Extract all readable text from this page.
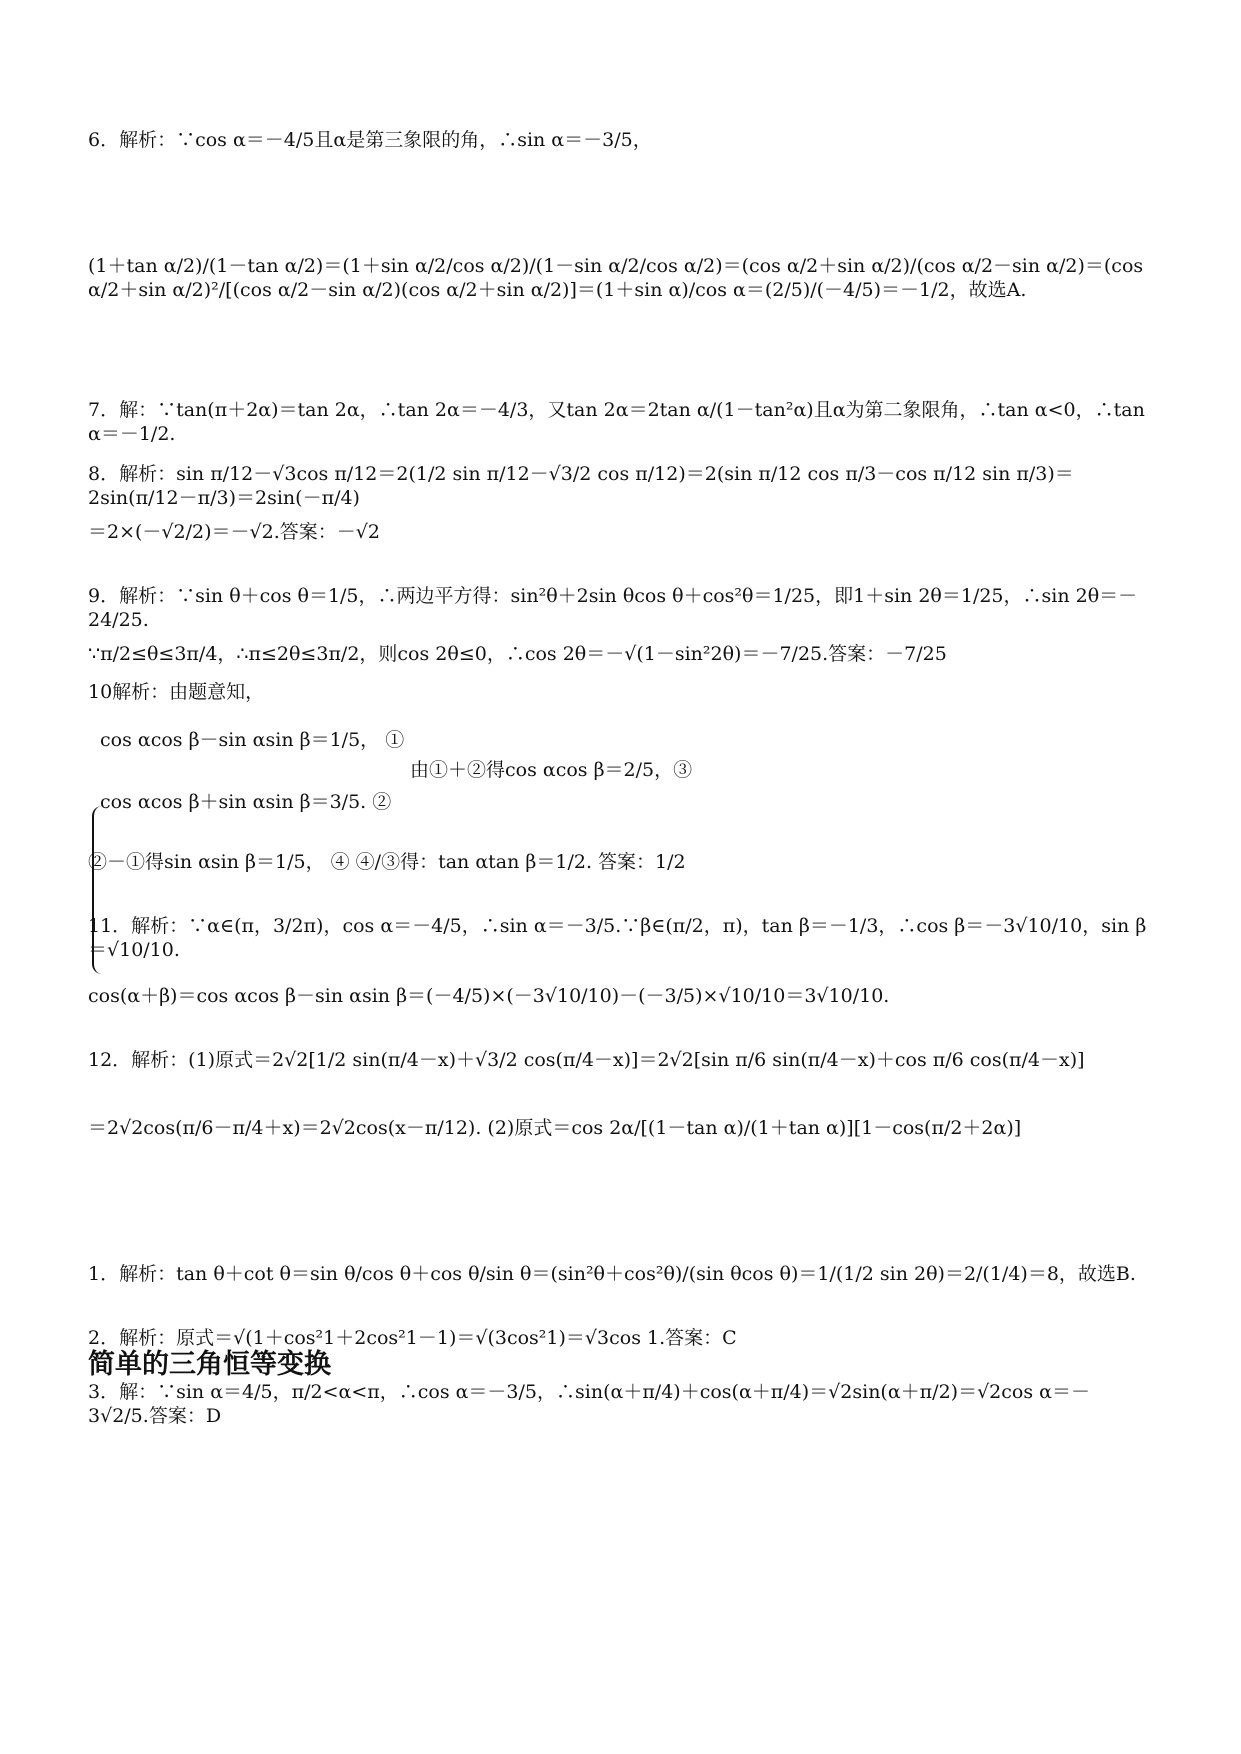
6．解析：∵cos α＝－4/5且α是第三象限的角，∴sin α＝－3/5，
(1＋tan α/2)/(1－tan α/2)＝(1＋sin α/2/cos α/2)/(1－sin α/2/cos α/2)＝(cos α/2＋sin α/2)/(cos α/2－sin α/2)＝(cos α/2＋sin α/2)²/[(cos α/2－sin α/2)(cos α/2＋sin α/2)]＝(1＋sin α)/cos α＝(2/5)/(－4/5)＝－1/2，故选A.
7．解：∵tan(π＋2α)＝tan 2α，∴tan 2α＝－4/3，又tan 2α＝2tan α/(1－tan²α)且α为第二象限角，∴tan α<0，∴tan α＝－1/2.
8．解析：sin π/12－√3cos π/12＝2(1/2 sin π/12－√3/2 cos π/12)＝2(sin π/12 cos π/3－cos π/12 sin π/3)＝2sin(π/12－π/3)＝2sin(－π/4)
＝2×(－√2/2)＝－√2.答案：－√2
9．解析：∵sin θ＋cos θ＝1/5，∴两边平方得：sin²θ＋2sin θcos θ＋cos²θ＝1/25，即1＋sin 2θ＝1/25，∴sin 2θ＝－24/25.
∵π/2≤θ≤3π/4，∴π≤2θ≤3π/2，则cos 2θ≤0，∴cos 2θ＝－√(1－sin²2θ)＝－7/25.答案：－7/25
10解析：由题意知，
cos αcos β－sin αsin β＝1/5， ①
由①＋②得cos αcos β＝2/5，③
cos αcos β＋sin αsin β＝3/5. ②
②－①得sin αsin β＝1/5， ④ ④/③得：tan αtan β＝1/2. 答案：1/2
11．解析：∵α∈(π，3/2π)，cos α＝－4/5，∴sin α＝－3/5.∵β∈(π/2，π)，tan β＝－1/3，∴cos β＝－3√10/10，sin β＝√10/10.
cos(α＋β)＝cos αcos β－sin αsin β＝(－4/5)×(－3√10/10)－(－3/5)×√10/10＝3√10/10.
12．解析：(1)原式＝2√2[1/2 sin(π/4－x)＋√3/2 cos(π/4－x)]＝2√2[sin π/6 sin(π/4－x)＋cos π/6 cos(π/4－x)]
＝2√2cos(π/6－π/4＋x)＝2√2cos(x－π/12). (2)原式＝cos 2α/[(1－tan α)/(1＋tan α)][1－cos(π/2＋2α)]
简单的三角恒等变换
1．解析：tan θ＋cot θ＝sin θ/cos θ＋cos θ/sin θ＝(sin²θ＋cos²θ)/(sin θcos θ)＝1/(1/2 sin 2θ)＝2/(1/4)＝8，故选B.
2．解析：原式＝√(1＋cos²1＋2cos²1－1)＝√(3cos²1)＝√3cos 1.答案：C
3．解：∵sin α＝4/5，π/2<α<π，∴cos α＝－3/5，∴sin(α＋π/4)＋cos(α＋π/4)＝√2sin(α＋π/2)＝√2cos α＝－3√2/5.答案：D
